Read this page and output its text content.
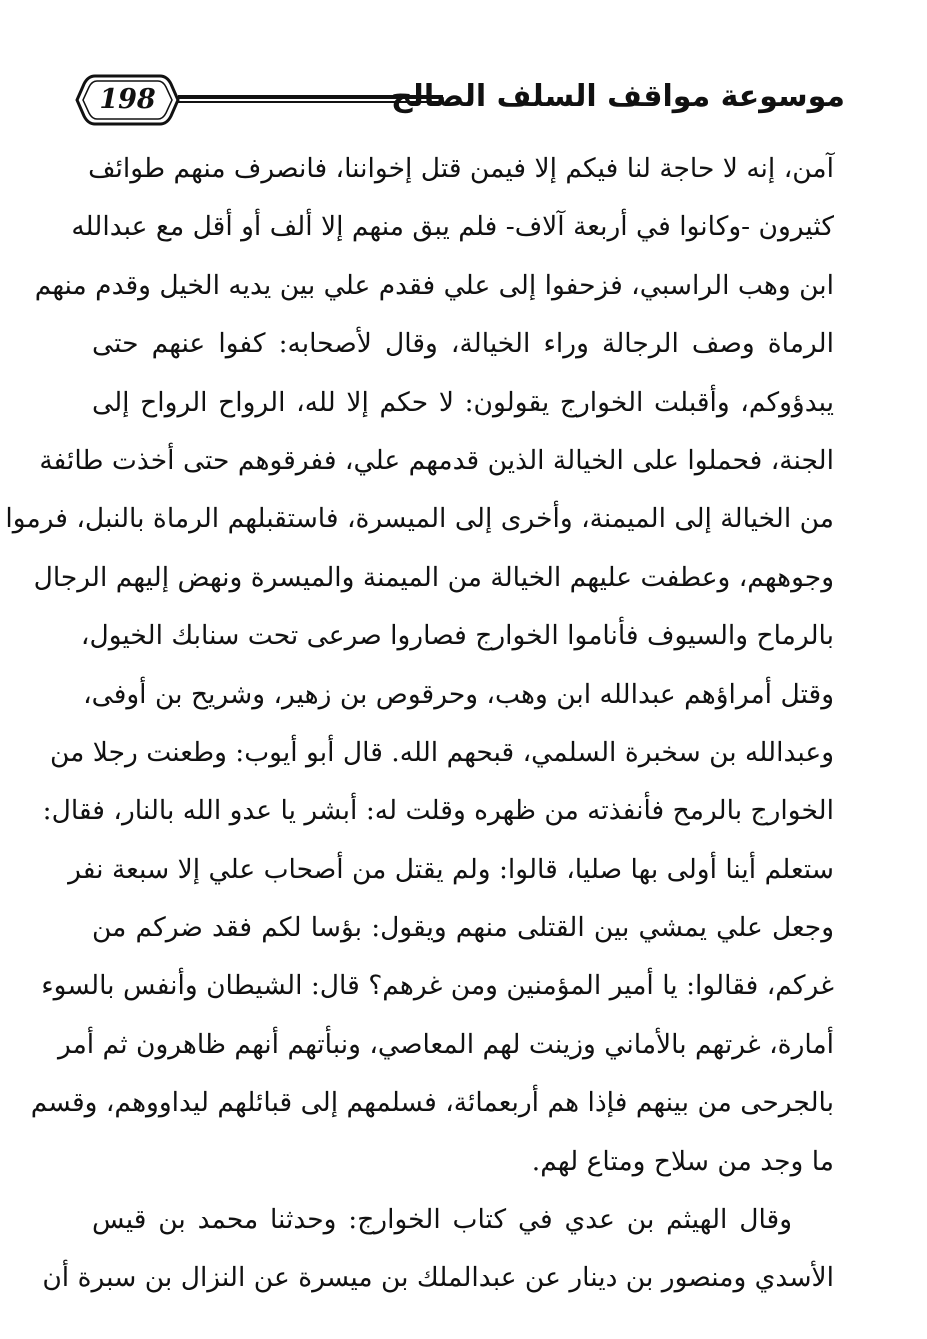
198	موسوعة مواقف السلف الصالح
آمن، إنه لا حاجة لنا فيكم إلا فيمن قتل إخواننا، فانصرف منهم طوائف
كثيرون -وكانوا في أربعة آلاف- فلم يبق منهم إلا ألف أو أقل مع عبدالله
ابن وهب الراسبي، فزحفوا إلى علي فقدم علي بين يديه الخيل وقدم منهم
الرماة وصف الرجالة وراء الخيالة، وقال لأصحابه: كفوا عنهم حتى
يبدؤوكم، وأقبلت الخوارج يقولون: لا حكم إلا لله، الرواح الرواح إلى
الجنة، فحملوا على الخيالة الذين قدمهم علي، ففرقوهم حتى أخذت طائفة
من الخيالة إلى الميمنة، وأخرى إلى الميسرة، فاستقبلهم الرماة بالنبل، فرموا
وجوههم، وعطفت عليهم الخيالة من الميمنة والميسرة ونهض إليهم الرجال
بالرماح والسيوف فأناموا الخوارج فصاروا صرعى تحت سنابك الخيول،
وقتل أمراؤهم عبدالله ابن وهب، وحرقوص بن زهير، وشريح بن أوفى،
وعبدالله بن سخبرة السلمي، قبحهم الله. قال أبو أيوب: وطعنت رجلا من
الخوارج بالرمح فأنفذته من ظهره وقلت له: أبشر يا عدو الله بالنار، فقال:
ستعلم أينا أولى بها صليا، قالوا: ولم يقتل من أصحاب علي إلا سبعة نفر
وجعل علي يمشي بين القتلى منهم ويقول: بؤسا لكم فقد ضركم من
غركم، فقالوا: يا أمير المؤمنين ومن غرهم؟ قال: الشيطان وأنفس بالسوء
أمارة، غرتهم بالأماني وزينت لهم المعاصي، ونبأتهم أنهم ظاهرون ثم أمر
بالجرحى من بينهم فإذا هم أربعمائة، فسلمهم إلى قبائلهم ليداووهم، وقسم
ما وجد من سلاح ومتاع لهم.
وقال الهيثم بن عدي في كتاب الخوارج: وحدثنا محمد بن قيس
الأسدي ومنصور بن دينار عن عبدالملك بن ميسرة عن النزال بن سبرة أن
